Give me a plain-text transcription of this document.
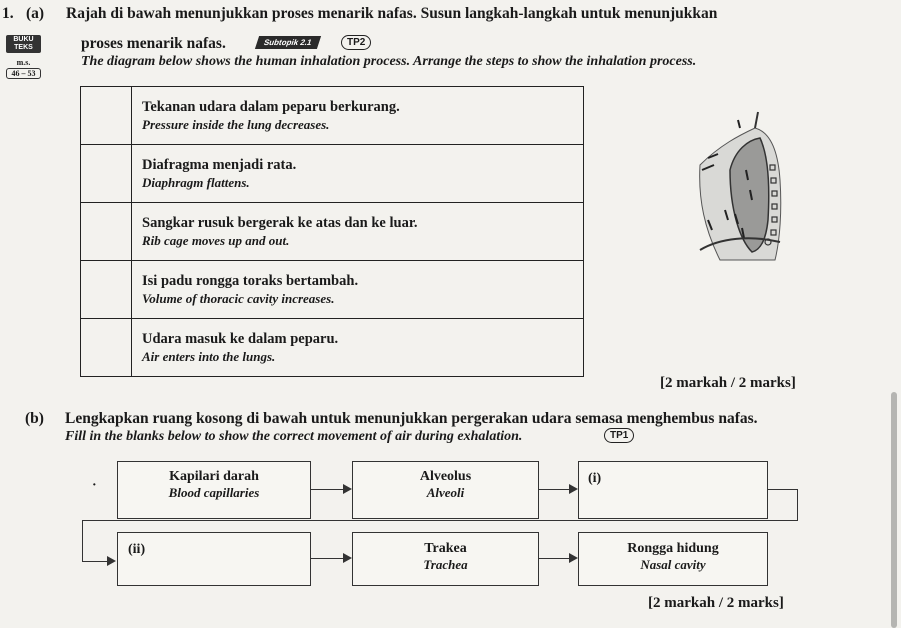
1. (a) Rajah di bawah menunjukkan proses menarik nafas. Susun langkah-langkah untuk menunjukkan
BUKU
TEKS
m.s.
46 – 53
proses menarik nafas.	Subtopik 2.1	TP2
The diagram below shows the human inhalation process. Arrange the steps to show the inhalation process.

	Tekanan udara dalam peparu berkurang.
Pressure inside the lung decreases.

	Diafragma menjadi rata.
Diaphragm flattens.

	Sangkar rusuk bergerak ke atas dan ke luar.
Rib cage moves up and out.

	Isi padu rongga toraks bertambah.
Volume of thoracic cavity increases.

	Udara masuk ke dalam peparu.
Air enters into the lungs.
[2 markah / 2 marks]
(b) Lengkapkan ruang kosong di bawah untuk menunjukkan pergerakan udara semasa menghembus nafas.
Fill in the blanks below to show the correct movement of air during exhalation.	TP1
·
Kapilari darah
Blood capillaries
Alveolus
Alveoli
(i)
(ii)	Trakea
Trachea
Rongga hidung
Nasal cavity
[2 markah / 2 marks]
